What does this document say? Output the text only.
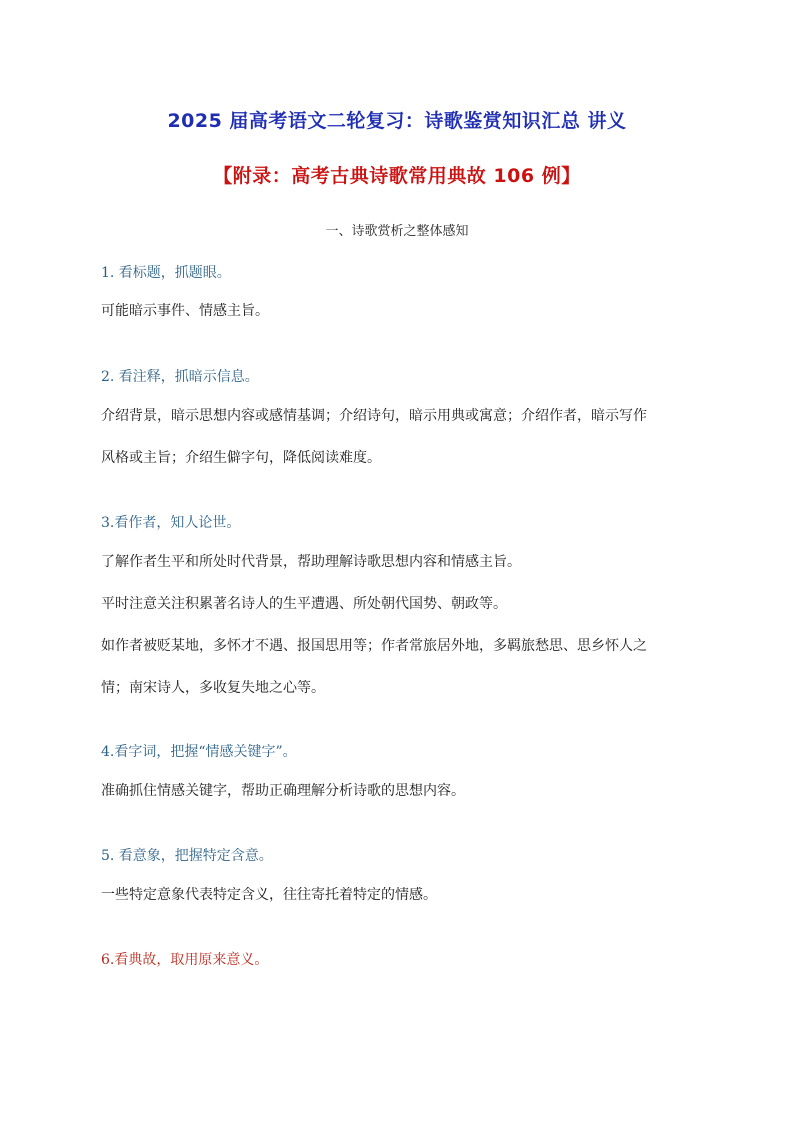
2025 届高考语文二轮复习：诗歌鉴赏知识汇总 讲义
【附录：高考古典诗歌常用典故 106 例】
一、诗歌赏析之整体感知
1. 看标题，抓题眼。
可能暗示事件、情感主旨。
2. 看注释，抓暗示信息。
介绍背景，暗示思想内容或感情基调；介绍诗句，暗示用典或寓意；介绍作者，暗示写作
风格或主旨；介绍生僻字句，降低阅读难度。
3.看作者，知人论世。
了解作者生平和所处时代背景，帮助理解诗歌思想内容和情感主旨。
平时注意关注积累著名诗人的生平遭遇、所处朝代国势、朝政等。
如作者被贬某地，多怀才不遇、报国思用等；作者常旅居外地，多羁旅愁思、思乡怀人之
情；南宋诗人，多收复失地之心等。
4.看字词，把握“情感关键字”。
准确抓住情感关键字，帮助正确理解分析诗歌的思想内容。
5. 看意象，把握特定含意。
一些特定意象代表特定含义，往往寄托着特定的情感。
6.看典故，取用原来意义。
